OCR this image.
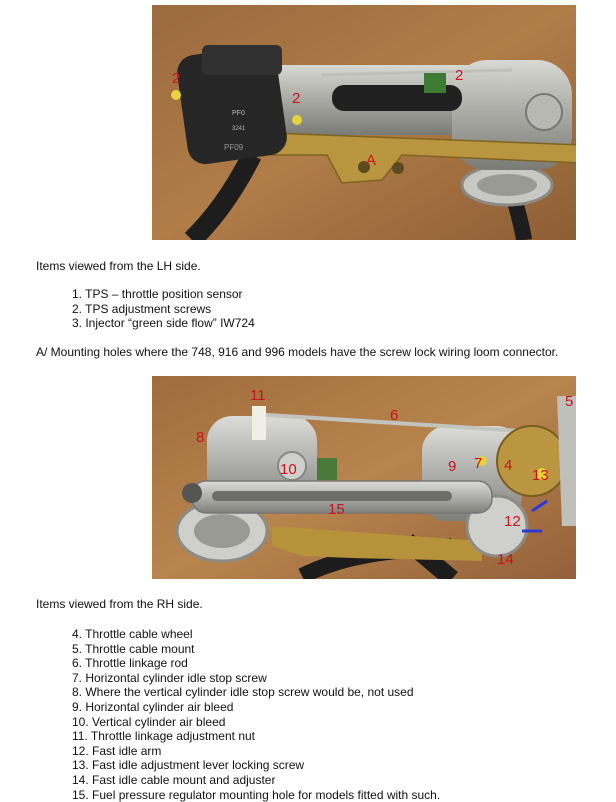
PF0
3241
PF09
2
2
2
A
Items viewed from the LH side.
1. TPS – throttle position sensor
2. TPS adjustment screws
3. Injector “green side flow” IW724
A/ Mounting holes where the 748, 916 and 996 models have the screw lock wiring loom connector.
11
6
5
8
10	9 7 4
13
15
12
14
Items viewed from the RH side.
4. Throttle cable wheel
5. Throttle cable mount
6. Throttle linkage rod
7. Horizontal cylinder idle stop screw
8. Where the vertical cylinder idle stop screw would be, not used
9. Horizontal cylinder air bleed
10. Vertical cylinder air bleed
11. Throttle linkage adjustment nut
12. Fast idle arm
13. Fast idle adjustment lever locking screw
14. Fast idle cable mount and adjuster
15. Fuel pressure regulator mounting hole for models fitted with such.
